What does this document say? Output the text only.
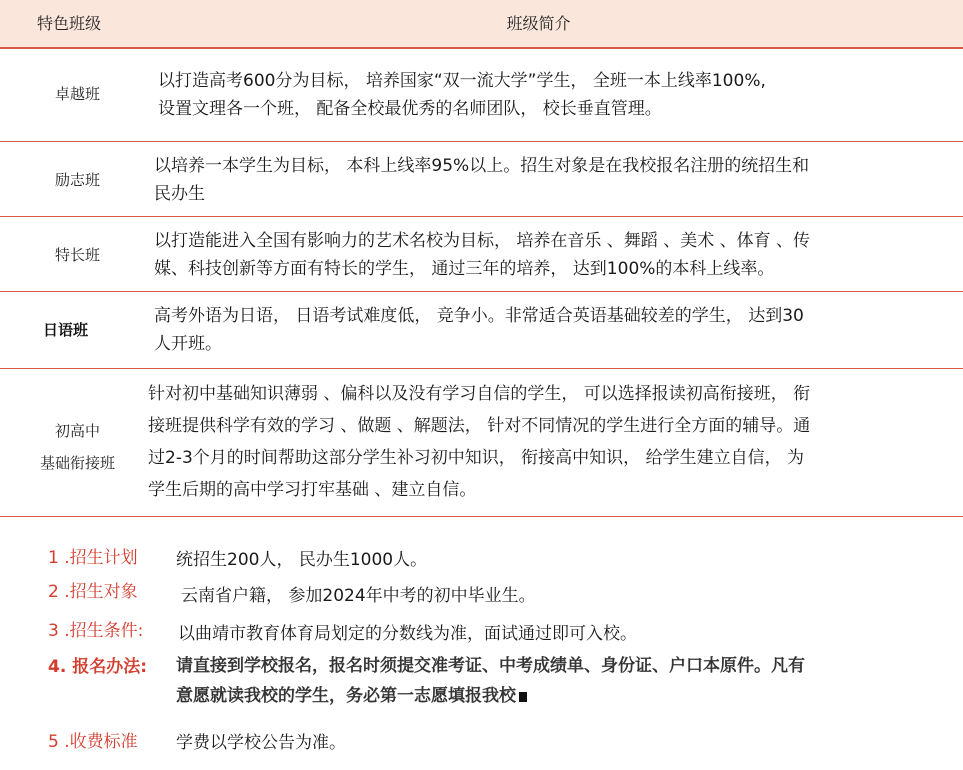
特色班级	班级简介
卓越班
以打造高考600分为目标， 培养国家“双一流大学”学生， 全班一本上线率100%,
设置文理各一个班， 配备全校最优秀的名师团队， 校长垂直管理。
励志班
以培养一本学生为目标， 本科上线率95%以上。招生对象是在我校报名注册的统招生和
民办生
特长班
以打造能进入全国有影响力的艺术名校为目标， 培养在音乐 、舞蹈 、美术 、体育 、传
媒、科技创新等方面有特长的学生， 通过三年的培养， 达到100%的本科上线率。
日语班
高考外语为日语， 日语考试难度低， 竞争小。非常适合英语基础较差的学生， 达到30
人开班。
初高中
基础衔接班
针对初中基础知识薄弱 、偏科以及没有学习自信的学生， 可以选择报读初高衔接班， 衔
接班提供科学有效的学习 、做题 、解题法， 针对不同情况的学生进行全方面的辅导。通
过2-3个月的时间帮助这部分学生补习初中知识， 衔接高中知识， 给学生建立自信， 为
学生后期的高中学习打牢基础 、建立自信。
1 .招生计划 统招生200人， 民办生1000人。
2 .招生对象	云南省户籍， 参加2024年中考的初中毕业生。
3 .招生条件: 以曲靖市教育体育局划定的分数线为准，面试通过即可入校。
4. 报名办法: 请直接到学校报名，报名时须提交准考证、中考成绩单、身份证、户口本原件。凡有
意愿就读我校的学生，务必第一志愿填报我校
5 .收费标准 学费以学校公告为准。
